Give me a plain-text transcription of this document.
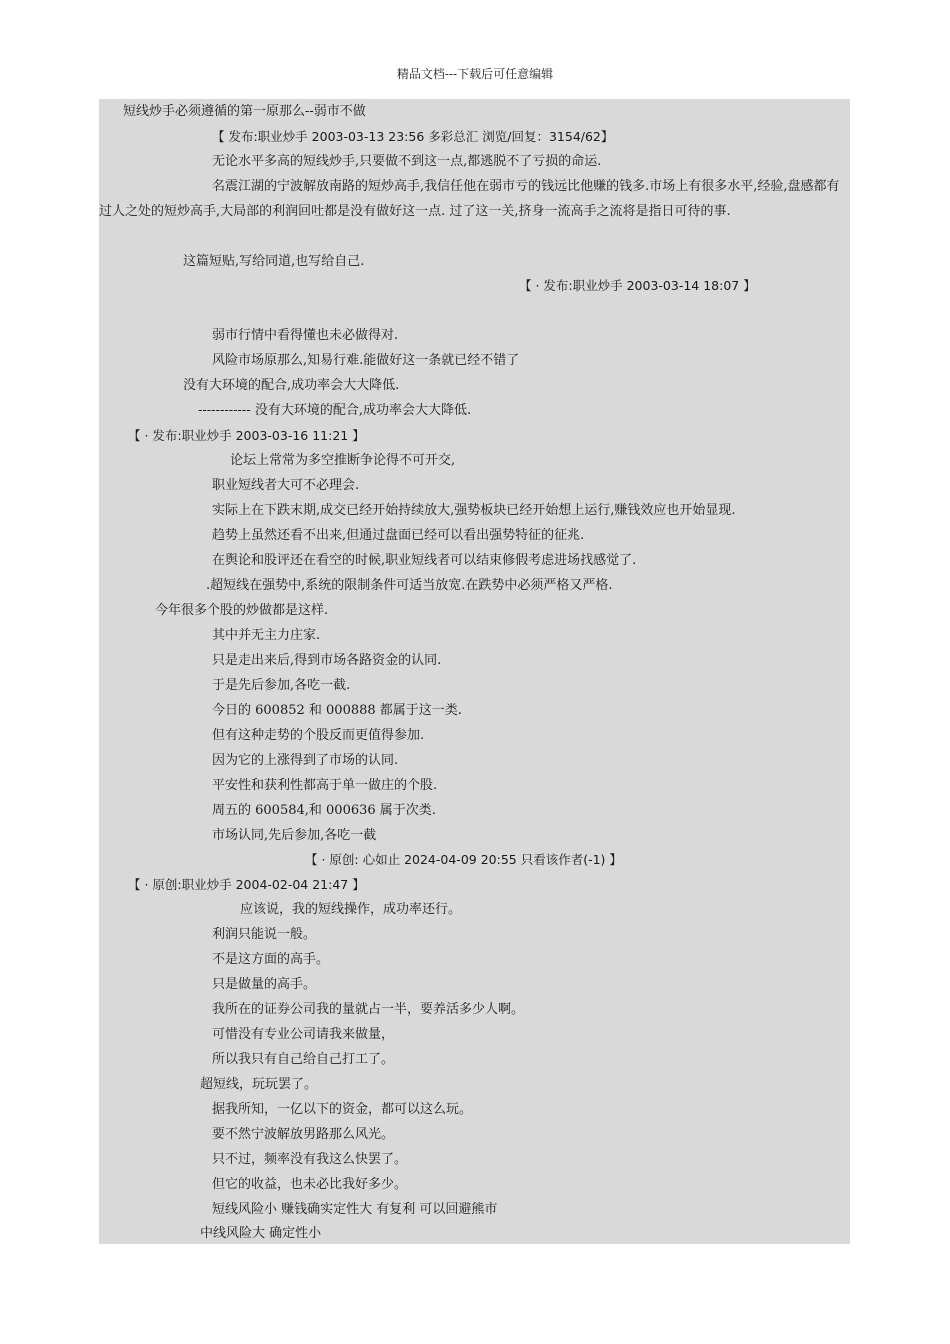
精品文档---下载后可任意编辑
短线炒手必须遵循的第一原那么--弱市不做
【 发布:职业炒手 2003-03-13 23:56 多彩总汇 浏览/回复：3154/62】
无论水平多高的短线炒手,只要做不到这一点,都逃脱不了亏损的命运.
名震江湖的宁波解放南路的短炒高手,我信任他在弱市亏的钱远比他赚的钱多.市场上有很多水平,经验,盘感都有过人之处的短炒高手,大局部的利润回吐都是没有做好这一点. 过了这一关,挤身一流高手之流将是指日可待的事.
这篇短贴,写给同道,也写给自己.
【 · 发布:职业炒手 2003-03-14 18:07 】
弱市行情中看得懂也未必做得对.
风险市场原那么,知易行难.能做好这一条就已经不错了
没有大环境的配合,成功率会大大降低.
------------ 没有大环境的配合,成功率会大大降低.
【 · 发布:职业炒手 2003-03-16 11:21 】
论坛上常常为多空推断争论得不可开交,
职业短线者大可不必理会.
实际上在下跌末期,成交已经开始持续放大,强势板块已经开始想上运行,赚钱效应也开始显现.
趋势上虽然还看不出来,但通过盘面已经可以看出强势特征的征兆.
在舆论和股评还在看空的时候,职业短线者可以结束修假考虑进场找感觉了.
.超短线在强势中,系统的限制条件可适当放宽.在跌势中必须严格又严格.
今年很多个股的炒做都是这样.
其中并无主力庄家.
只是走出来后,得到市场各路资金的认同.
于是先后参加,各吃一截.
今日的 600852 和 000888 都属于这一类.
但有这种走势的个股反而更值得参加.
因为它的上涨得到了市场的认同.
平安性和获利性都高于单一做庄的个股.
周五的 600584,和 000636 属于次类.
市场认同,先后参加,各吃一截
【 · 原创: 心如止 2024-04-09 20:55 只看该作者(-1) 】
【 · 原创:职业炒手 2004-02-04 21:47 】
应该说，我的短线操作，成功率还行。
利润只能说一般。
不是这方面的高手。
只是做量的高手。
我所在的证券公司我的量就占一半，要养活多少人啊。
可惜没有专业公司请我来做量，
所以我只有自己给自己打工了。
超短线，玩玩罢了。
据我所知，一亿以下的资金，都可以这么玩。
要不然宁波解放男路那么风光。
只不过，频率没有我这么快罢了。
但它的收益，也未必比我好多少。
短线风险小 赚钱确实定性大 有复利 可以回避熊市
中线风险大 确定性小
